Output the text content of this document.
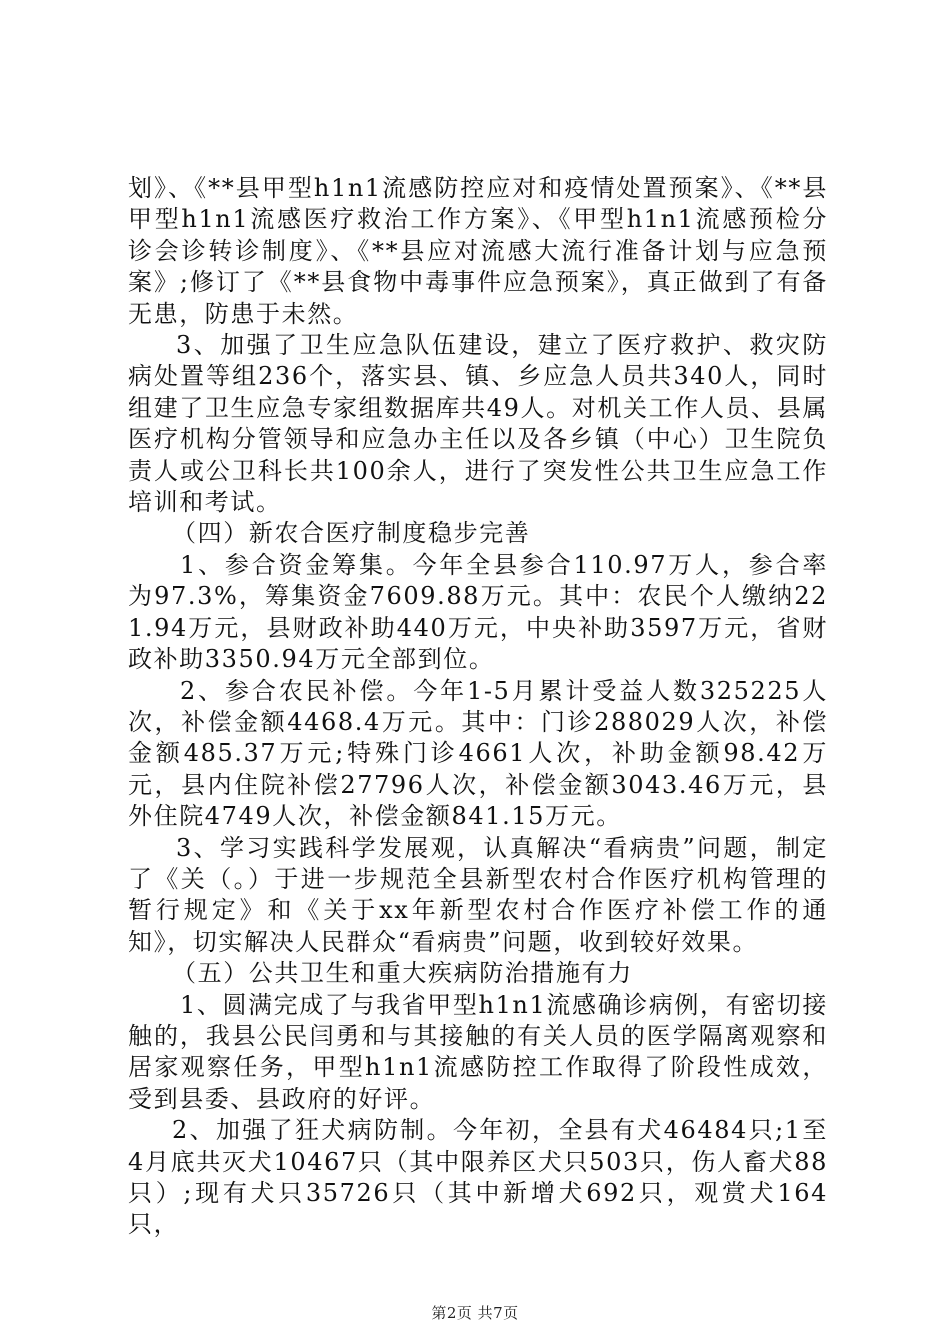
划》、《**县甲型h1n1流感防控应对和疫情处置预案》、《**县甲型h1n1流感医疗救治工作方案》、《甲型h1n1流感预检分诊会诊转诊制度》、《**县应对流感大流行准备计划与应急预案》;修订了《**县食物中毒事件应急预案》，真正做到了有备无患，防患于未然。

3、加强了卫生应急队伍建设，建立了医疗救护、救灾防病处置等组236个，落实县、镇、乡应急人员共340人，同时组建了卫生应急专家组数据库共49人。对机关工作人员、县属医疗机构分管领导和应急办主任以及各乡镇（中心）卫生院负责人或公卫科长共100余人，进行了突发性公共卫生应急工作培训和考试。

（四）新农合医疗制度稳步完善

1、参合资金筹集。今年全县参合110.97万人，参合率为97.3%，筹集资金7609.88万元。其中：农民个人缴纳221.94万元，县财政补助440万元，中央补助3597万元，省财政补助3350.94万元全部到位。

2、参合农民补偿。今年1-5月累计受益人数325225人次，补偿金额4468.4万元。其中：门诊288029人次，补偿金额485.37万元;特殊门诊4661人次，补助金额98.42万元，县内住院补偿27796人次，补偿金额3043.46万元，县外住院4749人次，补偿金额841.15万元。

3、学习实践科学发展观，认真解决“看病贵”问题，制定了《关（。）于进一步规范全县新型农村合作医疗机构管理的暂行规定》和《关于xx年新型农村合作医疗补偿工作的通知》，切实解决人民群众“看病贵”问题，收到较好效果。

（五）公共卫生和重大疾病防治措施有力

1、圆满完成了与我省甲型h1n1流感确诊病例，有密切接触的，我县公民闫勇和与其接触的有关人员的医学隔离观察和居家观察任务，甲型h1n1流感防控工作取得了阶段性成效，受到县委、县政府的好评。

2、加强了狂犬病防制。今年初，全县有犬46484只;1至4月底共灭犬10467只（其中限养区犬只503只，伤人畜犬88只）;现有犬只35726只（其中新增犬692只，观赏犬164只，

第2页 共7页
